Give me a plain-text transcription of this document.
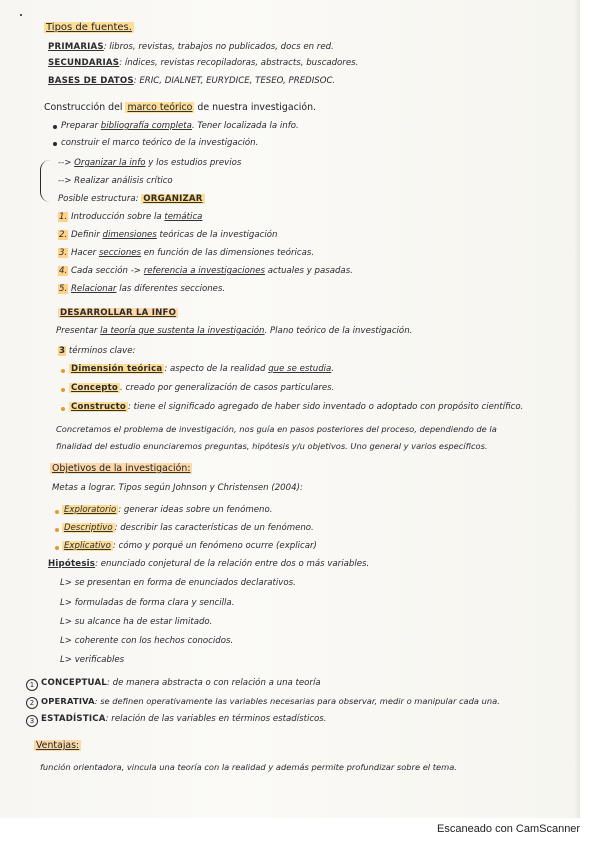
Tipos de fuentes.
PRIMARIAS: libros, revistas, trabajos no publicados, docs en red.
SECUNDARIAS: índices, revistas recopiladoras, abstracts, buscadores.
BASES DE DATOS: ERIC, DIALNET, EURYDICE, TESEO, PREDISOC.
Construcción del marco teórico de nuestra investigación.
Preparar bibliografía completa. Tener localizada la info.
construir el marco teórico de la investigación.
--> Organizar la info y los estudios previos
--> Realizar análisis crítico
Posible estructura: ORGANIZAR
1. Introducción sobre la temática
2. Definir dimensiones teóricas de la investigación
3. Hacer secciones en función de las dimensiones teóricas.
4. Cada sección -> referencia a investigaciones actuales y pasadas.
5. Relacionar las diferentes secciones.
DESARROLLAR LA INFO
Presentar la teoría que sustenta la investigación. Plano teórico de la investigación.
3 términos clave:
Dimensión teórica : aspecto de la realidad que se estudia.
Concepto . creado por generalización de casos particulares.
Constructo : tiene el significado agregado de haber sido inventado o adoptado con propósito científico.
Concretamos el problema de investigación, nos guía en pasos posteriores del proceso, dependiendo de la
finalidad del estudio enunciaremos preguntas, hipótesis y/u objetivos. Uno general y varios específicos.
Objetivos de la investigación:
Metas a lograr. Tipos según Johnson y Christensen (2004):
Exploratorio : generar ideas sobre un fenómeno.
Descriptivo : describir las características de un fenómeno.
Explicativo : cómo y porqué un fenómeno ocurre (explicar)
Hipótesis: enunciado conjetural de la relación entre dos o más variables.
L> se presentan en forma de enunciados declarativos.
L> formuladas de forma clara y sencilla.
L> su alcance ha de estar limitado.
L> coherente con los hechos conocidos.
L> verificables
1 CONCEPTUAL: de manera abstracta o con relación a una teoría
2 OPERATIVA: se definen operativamente las variables necesarias para observar, medir o manipular cada una.
3 ESTADÍSTICA: relación de las variables en términos estadísticos.
Ventajas:
función orientadora, vincula una teoría con la realidad y además permite profundizar sobre el tema.
Escaneado con CamScanner
